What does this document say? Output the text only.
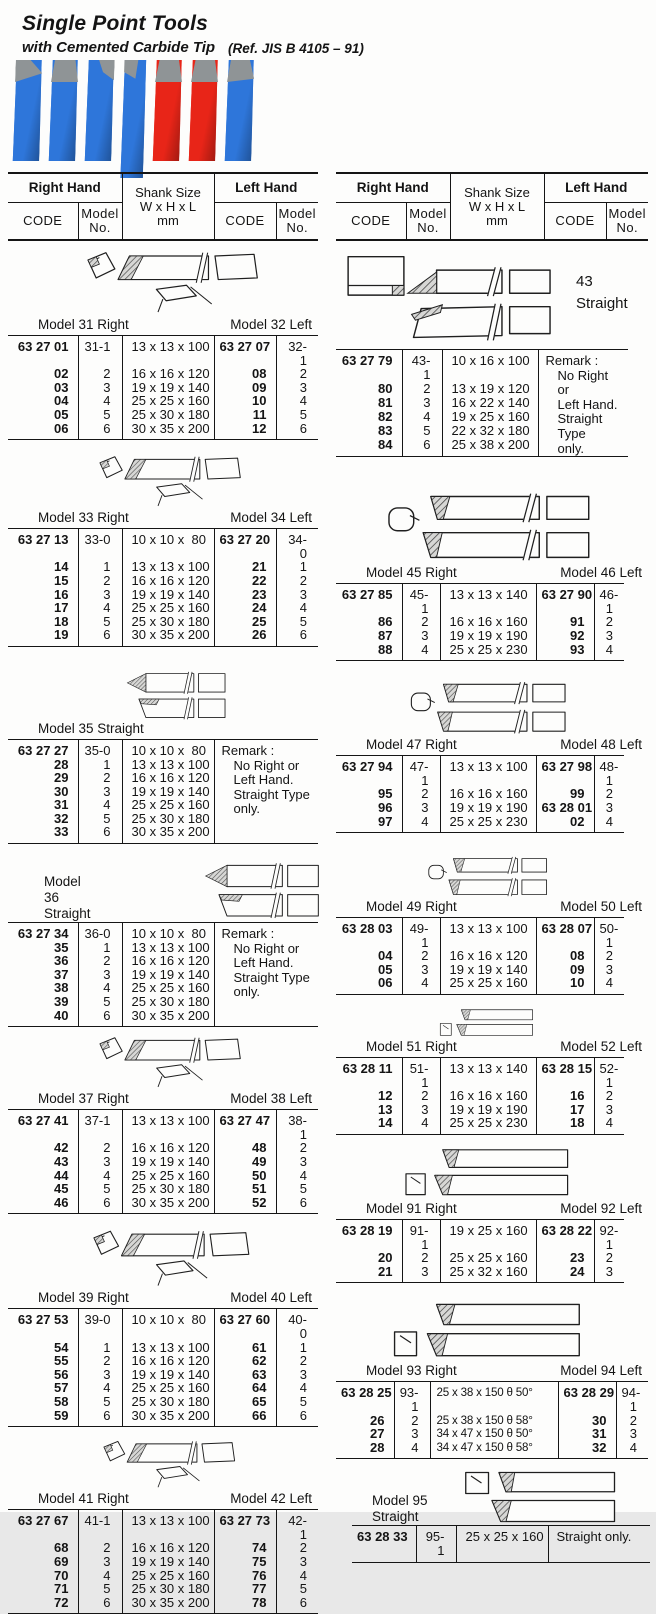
Single Point Tools
with Cemented Carbide Tip (Ref. JIS B 4105 – 91)
Right Hand		Shank Size
W x H x L
mm	Left Hand	
CODE	Model
No.		CODE	Model
No.
Model 31 Right	Model 32 Left
63 27 01	31-1	13 x 13 x 100	63 27 07	32-1
02	2	16 x 16 x 120	08	2
03	3	19 x 19 x 140	09	3
04	4	25 x 25 x 160	10	4
05	5	25 x 30 x 180	11	5
06	6	30 x 35 x 200	12	6
Model 33 Right	Model 34 Left
63 27 13	33-0	10 x 10 x  80	63 27 20	34-0
14	1	13 x 13 x 100	21	1
15	2	16 x 16 x 120	22	2
16	3	19 x 19 x 140	23	3
17	4	25 x 25 x 160	24	4
18	5	25 x 30 x 180	25	5
19	6	30 x 35 x 200	26	6
Model 35 Straight
63 27 27	35-0	10 x 10 x  80	Remark :
No Right or
Left Hand.
Straight Type
only.

28	1	13 x 13 x 100	
29	2	16 x 16 x 120	
30	3	19 x 19 x 140	
31	4	25 x 25 x 160	
32	5	25 x 30 x 180	
33	6	30 x 35 x 200	
Model 36
Straight
63 27 34	36-0	10 x 10 x  80	Remark :
No Right or
Left Hand.
Straight Type
only.

35	1	13 x 13 x 100	
36	2	16 x 16 x 120	
37	3	19 x 19 x 140	
38	4	25 x 25 x 160	
39	5	25 x 30 x 180	
40	6	30 x 35 x 200	
Model 37 Right	Model 38 Left
63 27 41	37-1	13 x 13 x 100	63 27 47	38-1
42	2	16 x 16 x 120	48	2
43	3	19 x 19 x 140	49	3
44	4	25 x 25 x 160	50	4
45	5	25 x 30 x 180	51	5
46	6	30 x 35 x 200	52	6
Model 39 Right	Model 40 Left
63 27 53	39-0	10 x 10 x  80	63 27 60	40-0
54	1	13 x 13 x 100	61	1
55	2	16 x 16 x 120	62	2
56	3	19 x 19 x 140	63	3
57	4	25 x 25 x 160	64	4
58	5	25 x 30 x 180	65	5
59	6	30 x 35 x 200	66	6
Model 41 Right	Model 42 Left
63 27 67	41-1	13 x 13 x 100	63 27 73	42-1
68	2	16 x 16 x 120	74	2
69	3	19 x 19 x 140	75	3
70	4	25 x 25 x 160	76	4
71	5	25 x 30 x 180	77	5
72	6	30 x 35 x 200	78	6
Right Hand		Shank Size
W x H x L
mm	Left Hand	
CODE	Model
No.		CODE	Model
No.
43
Straight
63 27 79	43-1	10 x 16 x 100	Remark :
No Right or
Left Hand.
Straight Type
only.

80	2	13 x 19 x 120	
81	3	16 x 22 x 140	
82	4	19 x 25 x 160	
83	5	22 x 32 x 180	
84	6	25 x 38 x 200	
Model 45 Right	Model 46 Left
63 27 85	45-1	13 x 13 x 140	63 27 90	46-1
86	2	16 x 16 x 160	91	2
87	3	19 x 19 x 190	92	3
88	4	25 x 25 x 230	93	4
Model 47 Right	Model 48 Left
63 27 94	47-1	13 x 13 x 100	63 27 98	48-1
95	2	16 x 16 x 160	99	2
96	3	19 x 19 x 190	63 28 01	3
97	4	25 x 25 x 230	02	4
Model 49 Right	Model 50 Left
63 28 03	49-1	13 x 13 x 100	63 28 07	50-1
04	2	16 x 16 x 120	08	2
05	3	19 x 19 x 140	09	3
06	4	25 x 25 x 160	10	4
Model 51 Right	Model 52 Left
63 28 11	51-1	13 x 13 x 140	63 28 15	52-1
12	2	16 x 16 x 160	16	2
13	3	19 x 19 x 190	17	3
14	4	25 x 25 x 230	18	4
Model 91 Right	Model 92 Left
63 28 19	91-1	19 x 25 x 160	63 28 22	92-1
20	2	25 x 25 x 160	23	2
21	3	25 x 32 x 160	24	3
Model 93 Right	Model 94 Left
63 28 25	93-1	25 x 38 x 150 θ 50°	63 28 29	94-1
26	2	25 x 38 x 150 θ 58°	30	2
27	3	34 x 47 x 150 θ 50°	31	3
28	4	34 x 47 x 150 θ 58°	32	4
Model 95
Straight
63 28 33	95-1	25 x 25 x 160	Straight only.
